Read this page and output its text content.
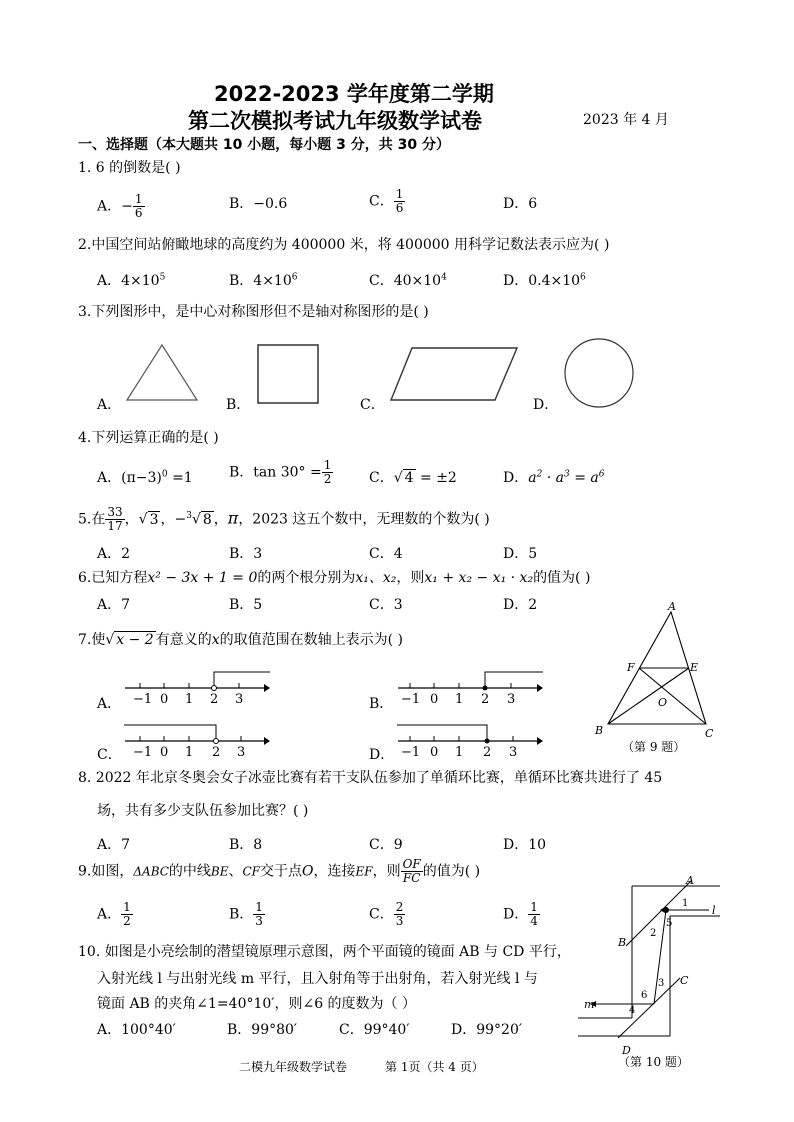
2022-2023 学年度第二学期
第二次模拟考试九年级数学试卷	2023 年 4 月
一、选择题（本大题共 10 小题，每小题 3 分，共 30 分）
1. 6 的倒数是( )
A．− $\frac{1}{6}$	B．−0.6	C． $\frac{1}{6}$	D．6
2.中国空间站俯瞰地球的高度约为 400000 米，将 400000 用科学记数法表示应为( )
A．$4\times 10^5$	B．$4\times 10^6$	C．$40\times 10^4$	D．$0.4\times 10^6$
3.下列图形中，是中心对称图形但不是轴对称图形的是( )
A．	B．	C．	D．
4.下列运算正确的是( )
A．$(\pi-3)^0 =1$	B．$\tan 30^\circ = \frac{1}{2}$	C．√ 4 = ±2	D．$a^2 \cdot a^3 = a^6$
5.在 $\frac{33}{17}$ ，√ 3 ，−$^3$√ 8 ，π，2023 这五个数中，无理数的个数为( )
A．2	B．3	C．4	D．5
6.已知方程x² − 3x + 1 = 0的两个根分别为x₁、x₂，则x₁ + x₂ − x₁ · x₂的值为( )
A．7	B．5	C．3	D．2
7.使√ x − 2 有意义的x的取值范围在数轴上表示为( )
A．	B．
C．	D．
−1 0 1 2 3	−1 0 1 2 3
−1 0 1 2 3	−1 0 1 2 3
A
B	C
E
F
O
（第 9 题）
8. 2022 年北京冬奥会女子冰壶比赛有若干支队伍参加了单循环比赛，单循环比赛共进行了 45
场，共有多少支队伍参加比赛？( )
A．7	B．8	C．9	D．10
9.如图，ΔABC的中线BE、CF交于点O，连接EF，则 $\frac{OF}{FC}$ 的值为( )
A． $\frac{1}{2}$	B． $\frac{1}{3}$	C． $\frac{2}{3}$	D． $\frac{1}{4}$
10. 如图是小亮绘制的潜望镜原理示意图，两个平面镜的镜面 AB 与 CD 平行，
入射光线 l 与出射光线 m 平行，且入射角等于出射角，若入射光线 l 与
镜面 AB 的夹角∠1=40°10′，则∠6 的度数为（ ）
A．100°40′	B．99°80′	C．99°40′	D．99°20′
A
B
C
D
l
m
1
2
3
4
5
6
（第 10 题）
二模九年级数学试卷	第 1页（共 4 页）
